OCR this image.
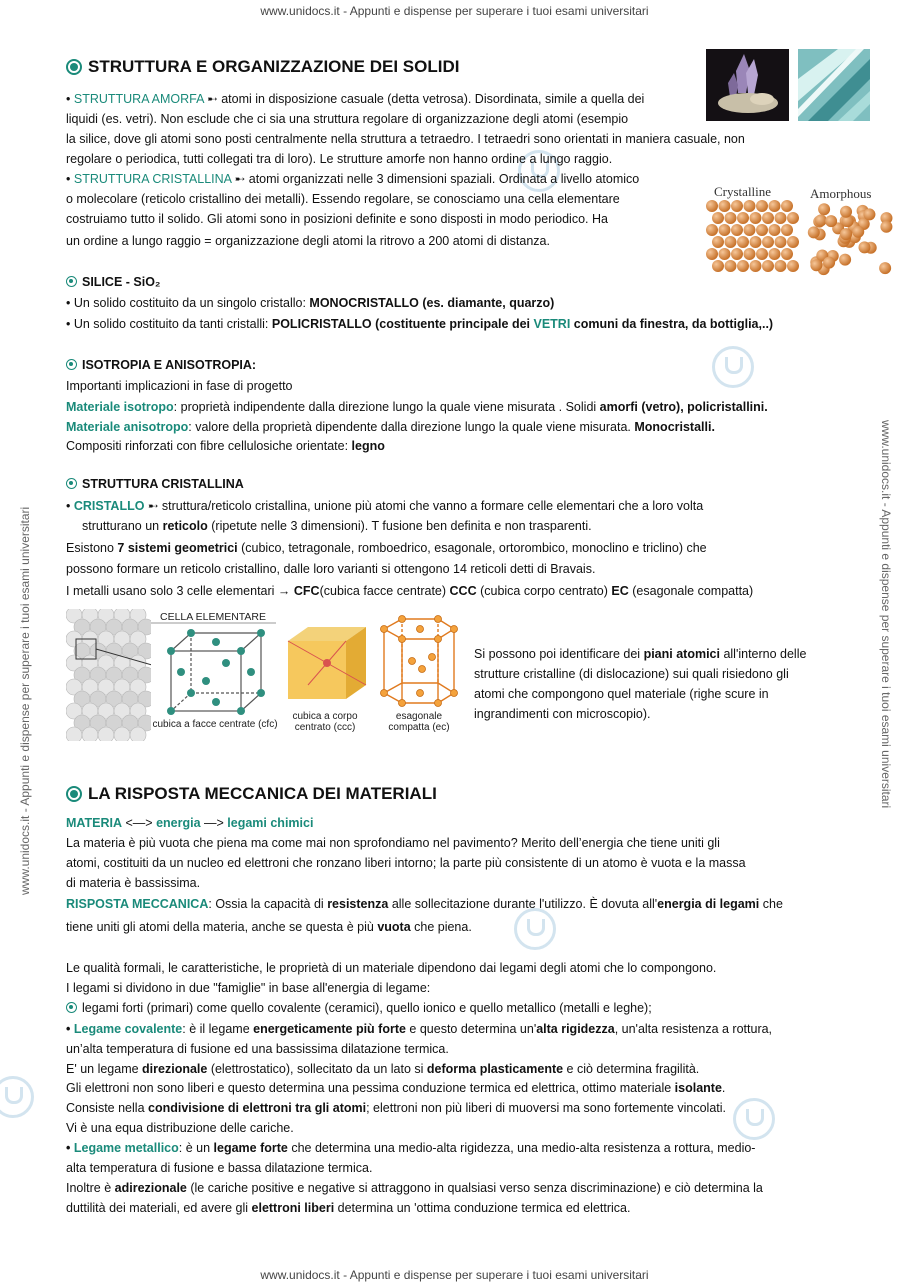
www.unidocs.it - Appunti e dispense per superare i tuoi esami universitari
www.unidocs.it - Appunti e dispense per superare i tuoi esami universitari
www.unidocs.it - Appunti e dispense per superare i tuoi esami universitari	www.unidocs.it - Appunti e dispense per superare i tuoi esami universitari
STRUTTURA E ORGANIZZAZIONE DEI SOLIDI
• STRUTTURA AMORFA ➸ atomi in disposizione casuale (detta vetrosa). Disordinata, simile a quella dei
liquidi (es. vetri). Non esclude che ci sia una struttura regolare di organizzazione degli atomi (esempio
la silice, dove gli atomi sono posti centralmente nella struttura a tetraedro. I tetraedri sono orientati in maniera casuale, non
regolare o periodica, tutti collegati tra di loro). Le strutture amorfe non hanno ordine a lungo raggio.
• STRUTTURA CRISTALLINA ➸ atomi organizzati nelle 3 dimensioni spaziali. Ordinata a livello atomico
o molecolare (reticolo cristallino dei metalli). Essendo regolare, se conosciamo una cella elementare
costruiamo tutto il solido. Gli atomi sono in posizioni definite e sono disposti in modo periodico. Ha
un ordine a lungo raggio = organizzazione degli atomi la ritrovo a 200 atomi di distanza.
Crystalline	Amorphous
SILICE - SiO₂
• Un solido costituito da un singolo cristallo: MONOCRISTALLO (es. diamante, quarzo)
• Un solido costituito da tanti cristalli: POLICRISTALLO (costituente principale dei VETRI comuni da finestra, da bottiglia,..)
ISOTROPIA E ANISOTROPIA:
Importanti implicazioni in fase di progetto
Materiale isotropo: proprietà indipendente dalla direzione lungo la quale viene misurata . Solidi amorfi (vetro), policristallini.
Materiale anisotropo: valore della proprietà dipendente dalla direzione lungo la quale viene misurata. Monocristalli.
Compositi rinforzati con fibre cellulosiche orientate: legno
STRUTTURA CRISTALLINA
• CRISTALLO ➸ struttura/reticolo cristallina, unione più atomi che vanno a formare celle elementari che a loro volta
strutturano un reticolo (ripetute nelle 3 dimensioni). T fusione ben definita e non trasparenti.
Esistono 7 sistemi geometrici (cubico, tetragonale, romboedrico, esagonale, ortorombico, monoclino e triclino) che
possono formare un reticolo cristallino, dalle loro varianti si ottengono 14 reticoli detti di Bravais.
I metalli usano solo 3 celle elementari → CFC(cubica facce centrate) CCC (cubica corpo centrato) EC (esagonale compatta)
CELLA ELEMENTARE
cubica a facce centrate (cfc)
cubica a corpo centrato (ccc)
esagonale compatta (ec)
Si possono poi identificare dei piani atomici all'interno delle
strutture cristalline (di dislocazione) sui quali risiedono gli
atomi che compongono quel materiale (righe scure in
ingrandimenti con microscopio).
LA RISPOSTA MECCANICA DEI MATERIALI
MATERIA <—> energia —> legami chimici
La materia è più vuota che piena ma come mai non sprofondiamo nel pavimento? Merito dell’energia che tiene uniti gli
atomi, costituiti da un nucleo ed elettroni che ronzano liberi intorno; la parte più consistente di un atomo è vuota e la massa
di materia è bassissima.
RISPOSTA MECCANICA: Ossia la capacità di resistenza alle sollecitazione durante l'utilizzo. È dovuta all'energia di legami che
tiene uniti gli atomi della materia, anche se questa è più vuota che piena.
Le qualità formali, le caratteristiche, le proprietà di un materiale dipendono dai legami degli atomi che lo compongono.
I legami si dividono in due "famiglie" in base all'energia di legame:
legami forti (primari) come quello covalente (ceramici), quello ionico e quello metallico (metalli e leghe);
• Legame covalente: è il legame energeticamente più forte e questo determina un'alta rigidezza, un'alta resistenza a rottura,
un’alta temperatura di fusione ed una bassissima dilatazione termica.
E' un legame direzionale (elettrostatico), sollecitato da un lato si deforma plasticamente e ciò determina fragilità.
Gli elettroni non sono liberi e questo determina una pessima conduzione termica ed elettrica, ottimo materiale isolante.
Consiste nella condivisione di elettroni tra gli atomi; elettroni non più liberi di muoversi ma sono fortemente vincolati.
Vi è una equa distribuzione delle cariche.
• Legame metallico: è un legame forte che determina una medio-alta rigidezza, una medio-alta resistenza a rottura, medio-
alta temperatura di fusione e bassa dilatazione termica.
Inoltre è adirezionale (le cariche positive e negative si attraggono in qualsiasi verso senza discriminazione) e ciò determina la
duttilità dei materiali, ed avere gli elettroni liberi determina un 'ottima conduzione termica ed elettrica.
